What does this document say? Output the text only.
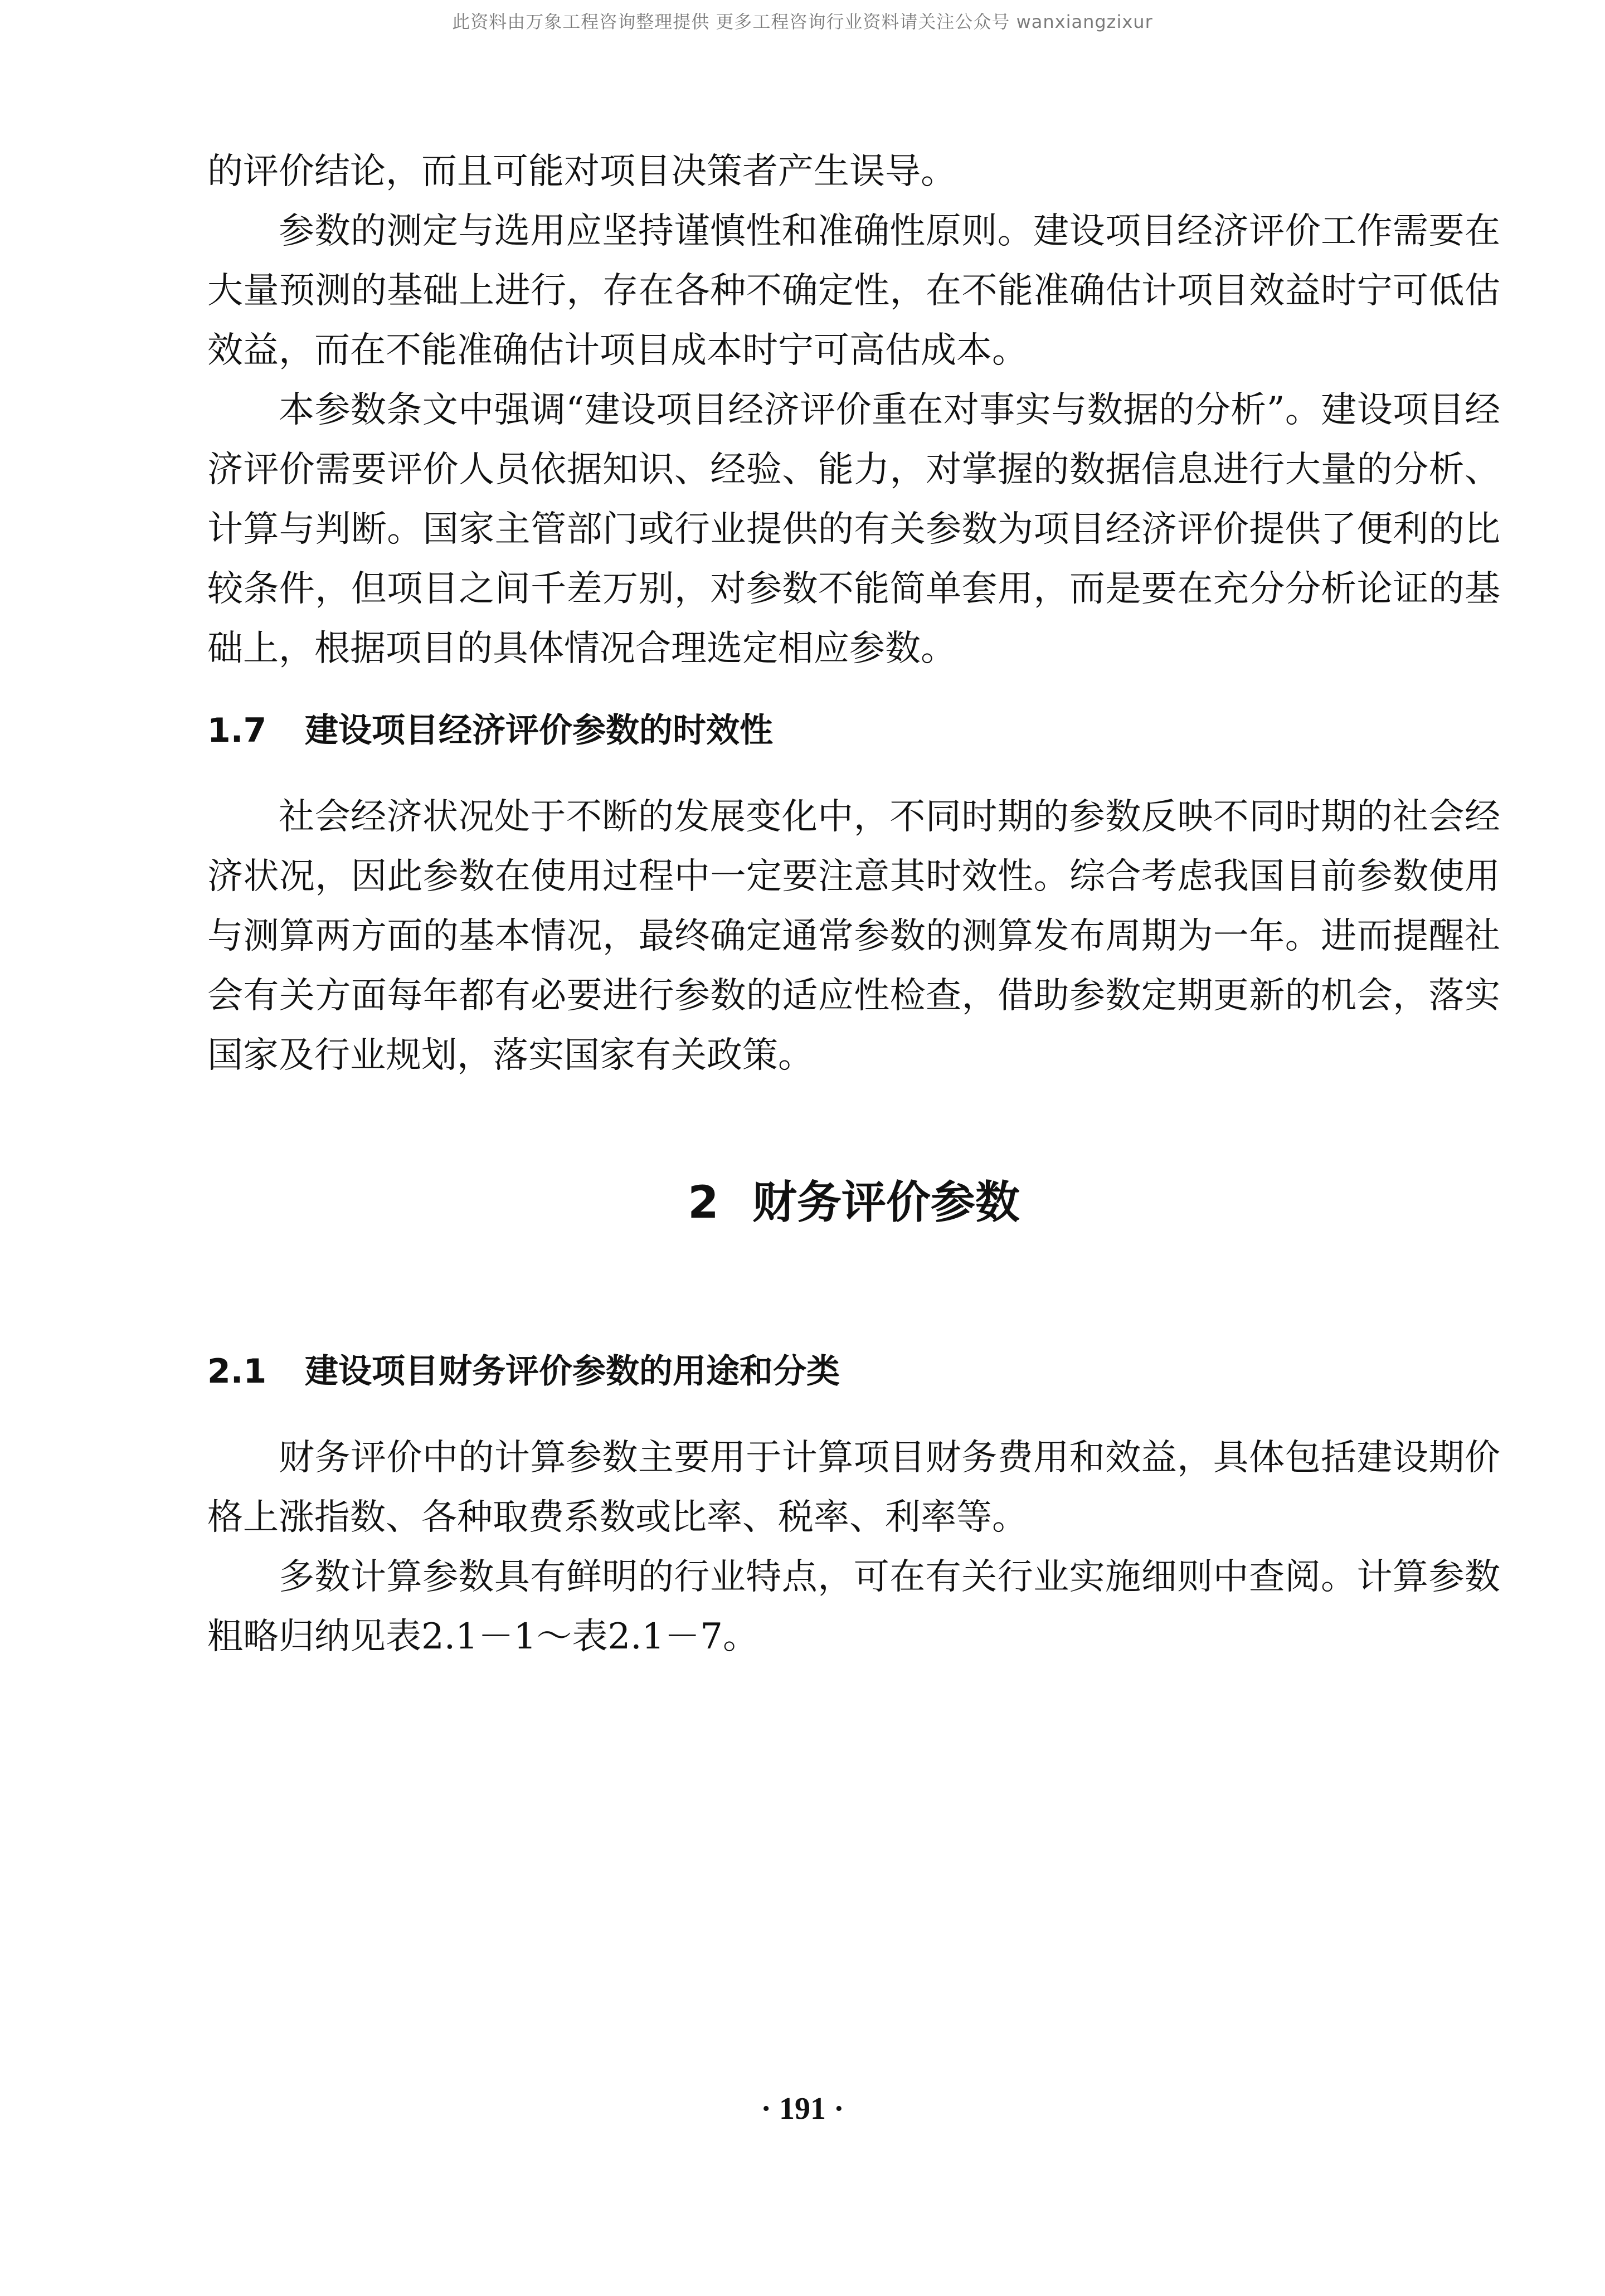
此资料由万象工程咨询整理提供 更多工程咨询行业资料请关注公众号 wanxiangzixur

的评价结论，而且可能对项目决策者产生误导。

参数的测定与选用应坚持谨慎性和准确性原则。建设项目经济评价工作需要在大量预测的基础上进行，存在各种不确定性，在不能准确估计项目效益时宁可低估效益，而在不能准确估计项目成本时宁可高估成本。

本参数条文中强调“建设项目经济评价重在对事实与数据的分析”。建设项目经济评价需要评价人员依据知识、经验、能力，对掌握的数据信息进行大量的分析、计算与判断。国家主管部门或行业提供的有关参数为项目经济评价提供了便利的比较条件，但项目之间千差万别，对参数不能简单套用，而是要在充分分析论证的基础上，根据项目的具体情况合理选定相应参数。

1.7	建设项目经济评价参数的时效性

社会经济状况处于不断的发展变化中，不同时期的参数反映不同时期的社会经济状况，因此参数在使用过程中一定要注意其时效性。综合考虑我国目前参数使用与测算两方面的基本情况，最终确定通常参数的测算发布周期为一年。进而提醒社会有关方面每年都有必要进行参数的适应性检查，借助参数定期更新的机会，落实国家及行业规划，落实国家有关政策。

2 财务评价参数
2.1	建设项目财务评价参数的用途和分类

财务评价中的计算参数主要用于计算项目财务费用和效益，具体包括建设期价格上涨指数、各种取费系数或比率、税率、利率等。

多数计算参数具有鲜明的行业特点，可在有关行业实施细则中查阅。计算参数粗略归纳见表2.1－1～表2.1－7。

· 191 ·
